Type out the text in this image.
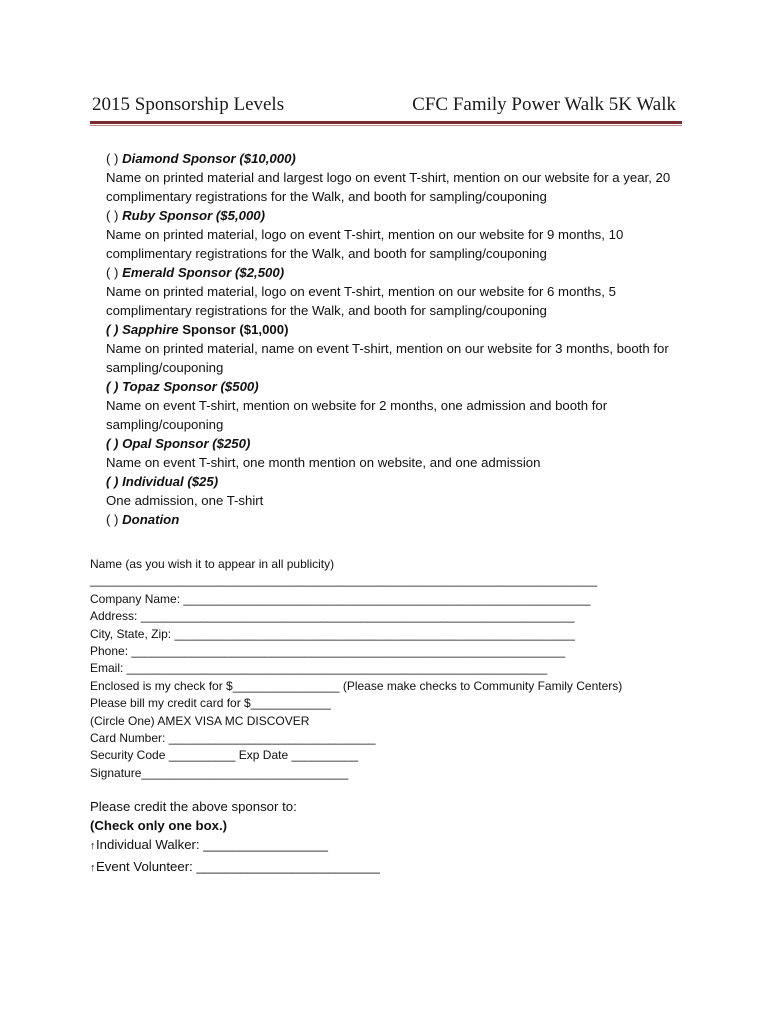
2015 Sponsorship Levels	CFC Family Power Walk 5K Walk
( ) Diamond Sponsor ($10,000)
Name on printed material and largest logo on event T-shirt, mention on our website for a year, 20 complimentary registrations for the Walk, and booth for sampling/couponing
( ) Ruby Sponsor ($5,000)
Name on printed material, logo on event T-shirt, mention on our website for 9 months, 10 complimentary registrations for the Walk, and booth for sampling/couponing
( ) Emerald Sponsor ($2,500)
Name on printed material, logo on event T-shirt, mention on our website for 6 months, 5 complimentary registrations for the Walk, and booth for sampling/couponing
( ) Sapphire Sponsor ($1,000)
Name on printed material, name on event T-shirt, mention on our website for 3 months, booth for sampling/couponing
( ) Topaz Sponsor ($500)
Name on event T-shirt, mention on website for 2 months, one admission and booth for sampling/couponing
( ) Opal Sponsor ($250)
Name on event T-shirt, one month mention on website, and one admission
( ) Individual ($25)
One admission, one T-shirt
( ) Donation
Name (as you wish it to appear in all publicity)
____________________________________________________________________________
Company Name: _____________________________________________________________
Address: _________________________________________________________________
City, State, Zip: ____________________________________________________________
Phone: _________________________________________________________________
Email: _______________________________________________________________
Enclosed is my check for $________________ (Please make checks to Community Family Centers)
Please bill my credit card for $____________
(Circle One) AMEX VISA MC DISCOVER
Card Number: _______________________________
Security Code __________ Exp Date __________
Signature_______________________________
Please credit the above sponsor to:
(Check only one box.)
↑Individual Walker: _________________
↑Event Volunteer: _________________________
